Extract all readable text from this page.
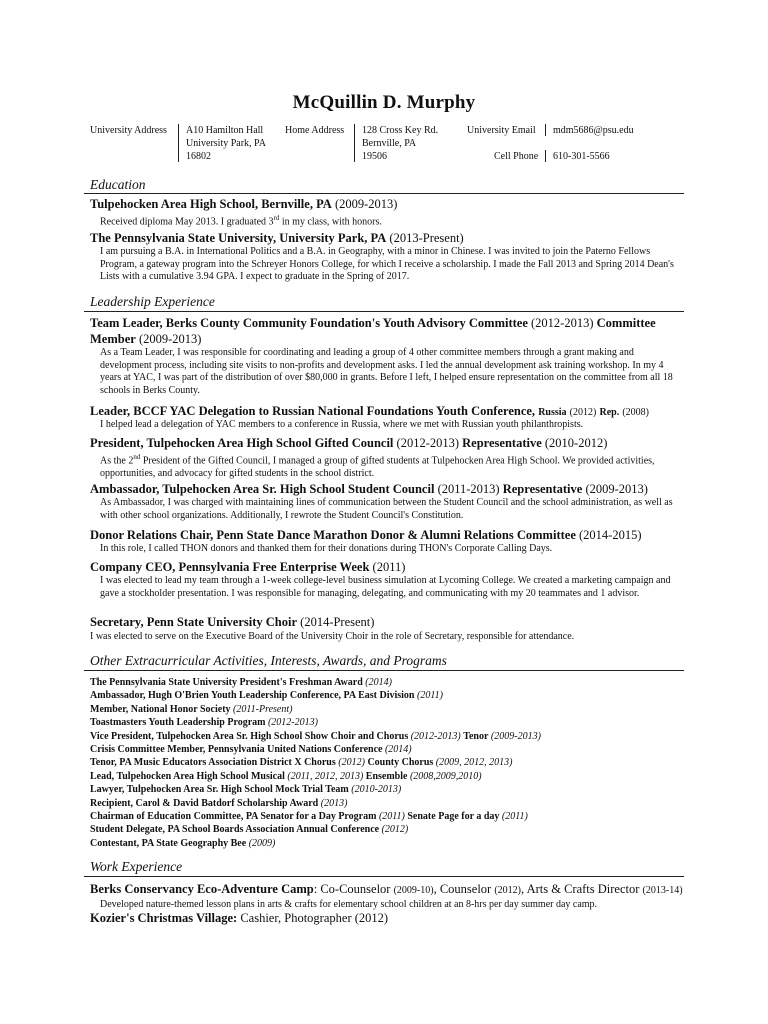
McQuillin D. Murphy
University Address A10 Hamilton Hall
University Park, PA
16802
Home Address 128 Cross Key Rd.
Bernville, PA
19506
University Email mdm5686@psu.edu
Cell Phone 610-301-5566
Education
Tulpehocken Area High School, Bernville, PA (2009-2013)
Received diploma May 2013. I graduated 3rd in my class, with honors.
The Pennsylvania State University, University Park, PA (2013-Present)
I am pursuing a B.A. in International Politics and a B.A. in Geography, with a minor in Chinese. I was invited to join the Paterno Fellows Program, a gateway program into the Schreyer Honors College, for which I receive a scholarship. I made the Fall 2013 and Spring 2014 Dean's Lists with a cumulative 3.94 GPA. I expect to graduate in the Spring of 2017.
Leadership Experience
Team Leader, Berks County Community Foundation's Youth Advisory Committee (2012-2013) Committee Member (2009-2013)
As a Team Leader, I was responsible for coordinating and leading a group of 4 other committee members through a grant making and development process, including site visits to non-profits and development asks. I led the annual development ask training workshop. In my 4 years at YAC, I was part of the distribution of over $80,000 in grants. Before I left, I helped ensure representation on the committee from all 18 schools in Berks County.
Leader, BCCF YAC Delegation to Russian National Foundations Youth Conference, Russia (2012) Rep. (2008)
I helped lead a delegation of YAC members to a conference in Russia, where we met with Russian youth philanthropists.
President, Tulpehocken Area High School Gifted Council (2012-2013) Representative (2010-2012)
As the 2nd President of the Gifted Council, I managed a group of gifted students at Tulpehocken Area High School. We provided activities, opportunities, and advocacy for gifted students in the school district.
Ambassador, Tulpehocken Area Sr. High School Student Council (2011-2013) Representative (2009-2013)
As Ambassador, I was charged with maintaining lines of communication between the Student Council and the school administration, as well as with other school organizations. Additionally, I rewrote the Student Council's Constitution.
Donor Relations Chair, Penn State Dance Marathon Donor & Alumni Relations Committee (2014-2015)
In this role, I called THON donors and thanked them for their donations during THON's Corporate Calling Days.
Company CEO, Pennsylvania Free Enterprise Week (2011)
I was elected to lead my team through a 1-week college-level business simulation at Lycoming College. We created a marketing campaign and gave a stockholder presentation. I was responsible for managing, delegating, and communicating with my 20 teammates and 1 advisor.
Secretary, Penn State University Choir (2014-Present)
I was elected to serve on the Executive Board of the University Choir in the role of Secretary, responsible for attendance.
Other Extracurricular Activities, Interests, Awards, and Programs
The Pennsylvania State University President's Freshman Award (2014)
Ambassador, Hugh O'Brien Youth Leadership Conference, PA East Division (2011)
Member, National Honor Society (2011-Present)
Toastmasters Youth Leadership Program (2012-2013)
Vice President, Tulpehocken Area Sr. High School Show Choir and Chorus (2012-2013) Tenor (2009-2013)
Crisis Committee Member, Pennsylvania United Nations Conference (2014)
Tenor, PA Music Educators Association District X Chorus (2012) County Chorus (2009, 2012, 2013)
Lead, Tulpehocken Area High School Musical (2011, 2012, 2013) Ensemble (2008,2009,2010)
Lawyer, Tulpehocken Area Sr. High School Mock Trial Team (2010-2013)
Recipient, Carol & David Batdorf Scholarship Award (2013)
Chairman of Education Committee, PA Senator for a Day Program (2011) Senate Page for a day (2011)
Student Delegate, PA School Boards Association Annual Conference (2012)
Contestant, PA State Geography Bee (2009)
Work Experience
Berks Conservancy Eco-Adventure Camp: Co-Counselor (2009-10), Counselor (2012), Arts & Crafts Director (2013-14)
Developed nature-themed lesson plans in arts & crafts for elementary school children at an 8-hrs per day summer day camp.
Kozier's Christmas Village: Cashier, Photographer (2012)
